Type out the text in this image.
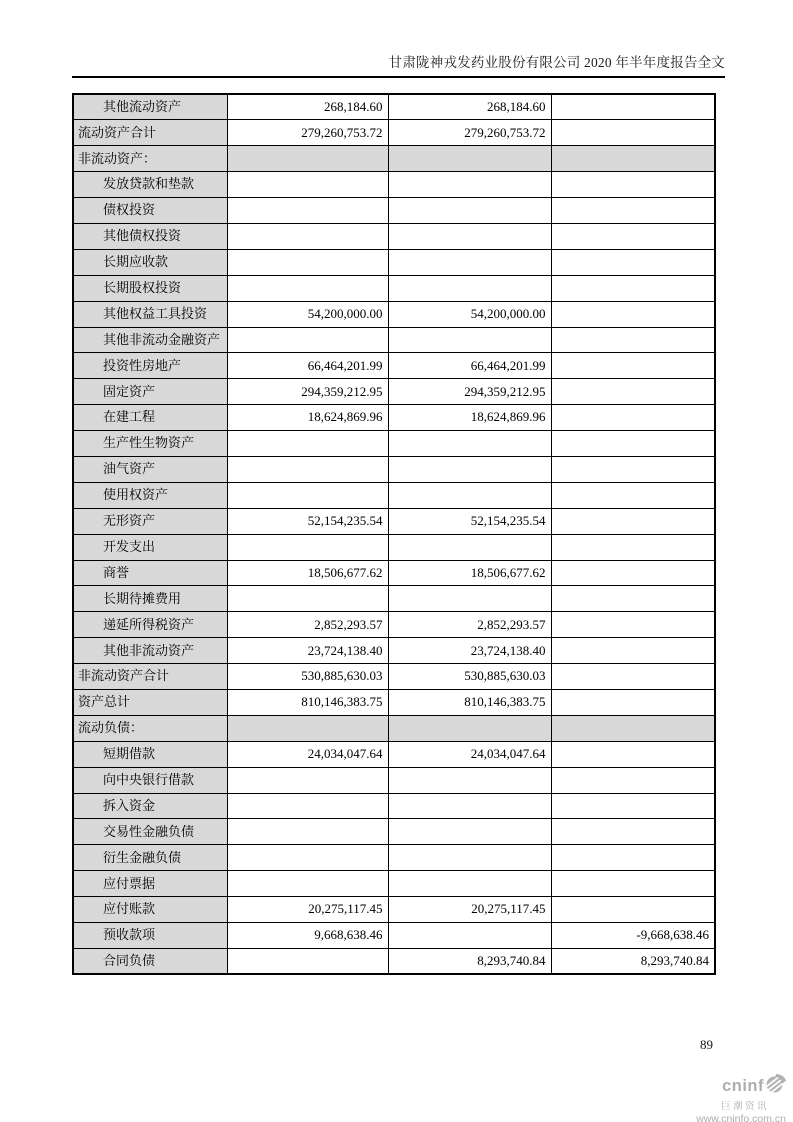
甘肃陇神戎发药业股份有限公司 2020 年半年度报告全文
其他流动资产	268,184.60	268,184.60	
流动资产合计	279,260,753.72	279,260,753.72	
非流动资产：			
发放贷款和垫款			
债权投资			
其他债权投资			
长期应收款			
长期股权投资			
其他权益工具投资	54,200,000.00	54,200,000.00	
其他非流动金融资产			
投资性房地产	66,464,201.99	66,464,201.99	
固定资产	294,359,212.95	294,359,212.95	
在建工程	18,624,869.96	18,624,869.96	
生产性生物资产			
油气资产			
使用权资产			
无形资产	52,154,235.54	52,154,235.54	
开发支出			
商誉	18,506,677.62	18,506,677.62	
长期待摊费用			
递延所得税资产	2,852,293.57	2,852,293.57	
其他非流动资产	23,724,138.40	23,724,138.40	
非流动资产合计	530,885,630.03	530,885,630.03	
资产总计	810,146,383.75	810,146,383.75	
流动负债：			
短期借款	24,034,047.64	24,034,047.64	
向中央银行借款			
拆入资金			
交易性金融负债			
衍生金融负债			
应付票据			
应付账款	20,275,117.45	20,275,117.45	
预收款项	9,668,638.46		-9,668,638.46
合同负债		8,293,740.84	8,293,740.84
89
cninf
巨潮资讯
www.cninfo.com.cn
